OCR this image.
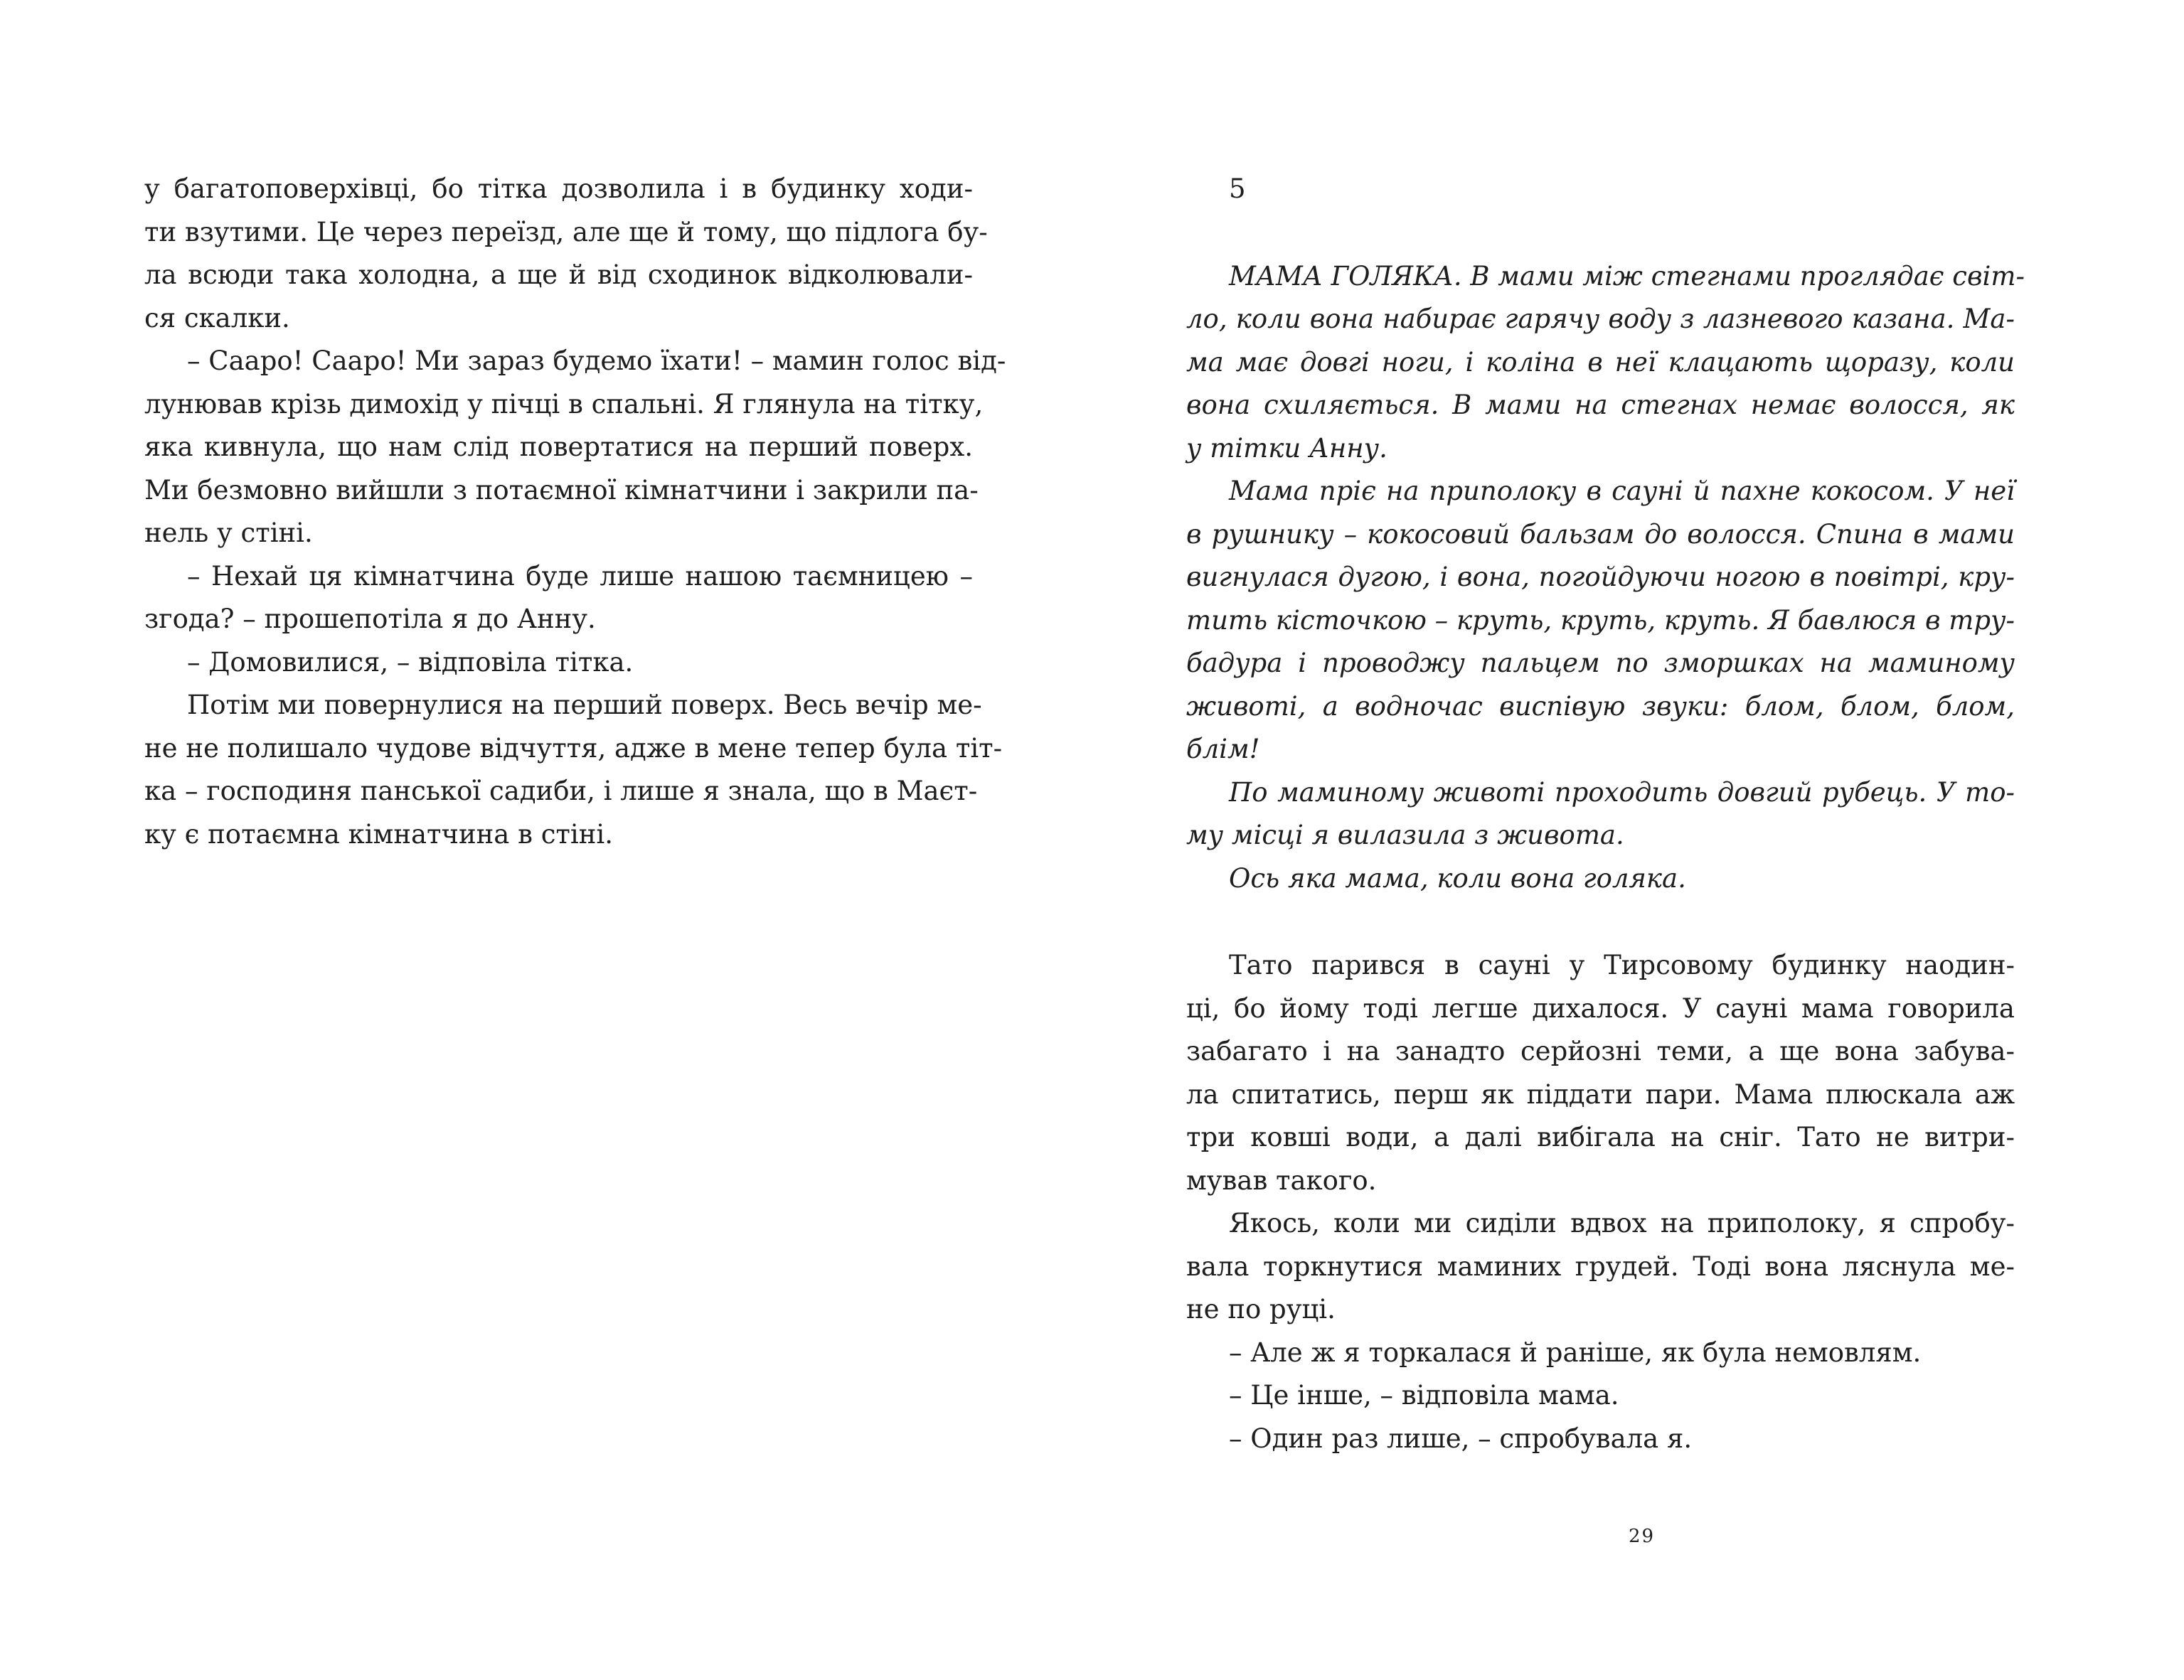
у багатоповерхівці, бо тітка дозволила і в будинку ходи-
ти взутими. Це через переїзд, але ще й тому, що підлога бу-
ла всюди така холодна, а ще й від сходинок відколювали-
ся скалки.
– Сааро! Сааро! Ми зараз будемо їхати! – мамин голос від-
лунював крізь димохід у пічці в спальні. Я глянула на тітку,
яка кивнула, що нам слід повертатися на перший поверх.
Ми безмовно вийшли з потаємної кімнатчини і закрили па-
нель у стіні.
– Нехай ця кімнатчина буде лише нашою таємницею –
згода? – прошепотіла я до Анну.
– Домовилися, – відповіла тітка.
Потім ми повернулися на перший поверх. Весь вечір ме-
не не полишало чудове відчуття, адже в мене тепер була тіт-
ка – господиня панської садиби, і лише я знала, що в Маєт-
ку є потаємна кімнатчина в стіні.
5
МАМА ГОЛЯКА. В мами між стегнами проглядає світ-
ло, коли вона набирає гарячу воду з лазневого казана. Ма-
ма має довгі ноги, і коліна в неї клацають щоразу, коли
вона схиляється. В мами на стегнах немає волосся, як
у тітки Анну.
Мама пріє на приполоку в сауні й пахне кокосом. У неї
в рушнику – кокосовий бальзам до волосся. Спина в мами
вигнулася дугою, і вона, погойдуючи ногою в повітрі, кру-
тить кісточкою – круть, круть, круть. Я бавлюся в тру-
бадура і проводжу пальцем по зморшках на маминому
животі, а водночас виспівую звуки: блом, блом, блом,
блім!
По маминому животі проходить довгий рубець. У то-
му місці я вилазила з живота.
Ось яка мама, коли вона голяка.
Тато парився в сауні у Тирсовому будинку наодин-
ці, бо йому тоді легше дихалося. У сауні мама говорила
забагато і на занадто серйозні теми, а ще вона забува-
ла спитатись, перш як піддати пари. Мама плюскала аж
три ковші води, а далі вибігала на сніг. Тато не витри-
мував такого.
Якось, коли ми сиділи вдвох на приполоку, я спробу-
вала торкнутися маминих грудей. Тоді вона ляснула ме-
не по руці.
– Але ж я торкалася й раніше, як була немовлям.
– Це інше, – відповіла мама.
– Один раз лише, – спробувала я.
29
